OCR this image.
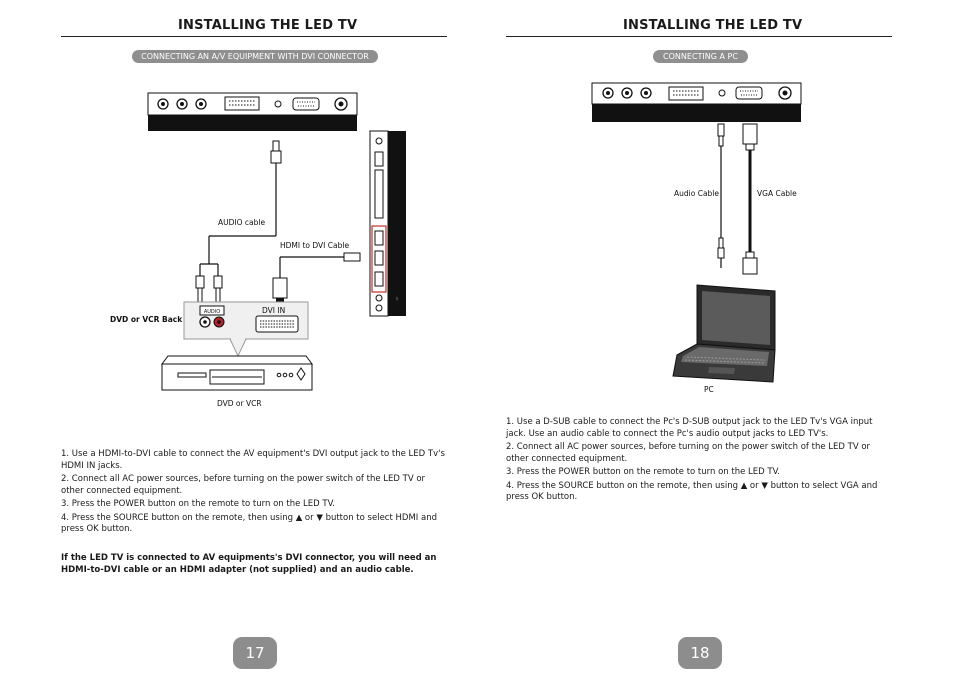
INSTALLING THE LED TV
CONNECTING AN A/V EQUIPMENT WITH DVI CONNECTOR
⏚
AUDIO cable
HDMI to DVI Cable
AUDIO	DVI IN
DVD or VCR Back
DVD or VCR

1. Use a HDMI-to-DVI cable to connect the AV equipment's DVI output jack to the LED Tv's HDMI IN jacks.

2. Connect all AC power sources, before turning on the power switch of the LED TV or other connected equipment.

3. Press the POWER button on the remote to turn on the LED TV.

4. Press the SOURCE button on the remote, then using ▲ or ▼ button to select HDMI and press OK button.

If the LED TV is connected to AV equipments's DVI connector, you will need an HDMI-to-DVI cable or an HDMI adapter (not supplied) and an audio cable.
17
INSTALLING THE LED TV
CONNECTING A PC
Audio Cable	VGA Cable
PC

1. Use a D-SUB cable to connect the Pc's D-SUB output jack to the LED Tv's VGA input jack. Use an audio cable to connect the Pc's audio output jacks to LED TV's.

2. Connect all AC power sources, before turning on the power switch of the LED TV or other connected equipment.

3. Press the POWER button on the remote to turn on the LED TV.

4. Press the SOURCE button on the remote, then using ▲ or ▼ button to select VGA and press OK button.

18
